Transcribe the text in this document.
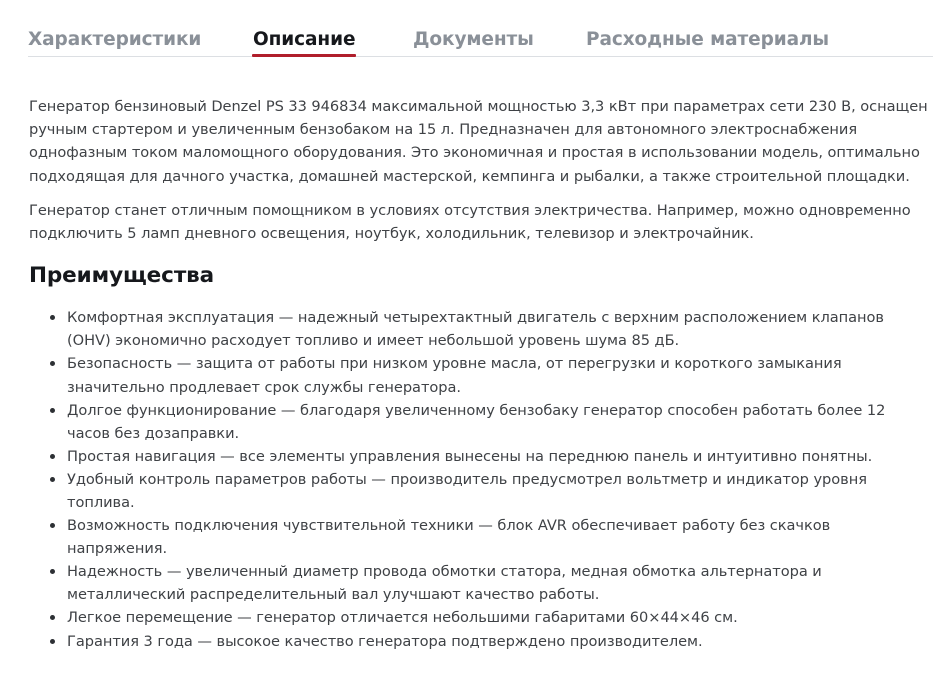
Характеристики	Описание	Документы	Расходные материалы

Генератор бензиновый Denzel PS 33 946834 максимальной мощностью 3,3 кВт при параметрах сети 230 В, оснащен ручным стартером и увеличенным бензобаком на 15 л. Предназначен для автономного электроснабжения однофазным током маломощного оборудования. Это экономичная и простая в использовании модель, оптимально подходящая для дачного участка, домашней мастерской, кемпинга и рыбалки, а также строительной площадки.

Генератор станет отличным помощником в условиях отсутствия электричества. Например, можно одновременно подключить 5 ламп дневного освещения, ноутбук, холодильник, телевизор и электрочайник.

Преимущества
Комфортная эксплуатация — надежный четырехтактный двигатель с верхним расположением клапанов (OHV) экономично расходует топливо и имеет небольшой уровень шума 85 дБ.
Безопасность — защита от работы при низком уровне масла, от перегрузки и короткого замыкания значительно продлевает срок службы генератора.
Долгое функционирование — благодаря увеличенному бензобаку генератор способен работать более 12 часов без дозаправки.
Простая навигация — все элементы управления вынесены на переднюю панель и интуитивно понятны.
Удобный контроль параметров работы — производитель предусмотрел вольтметр и индикатор уровня топлива.
Возможность подключения чувствительной техники — блок AVR обеспечивает работу без скачков напряжения.
Надежность — увеличенный диаметр провода обмотки статора, медная обмотка альтернатора и металлический распределительный вал улучшают качество работы.
Легкое перемещение — генератор отличается небольшими габаритами 60×44×46 см.
Гарантия 3 года — высокое качество генератора подтверждено производителем.
